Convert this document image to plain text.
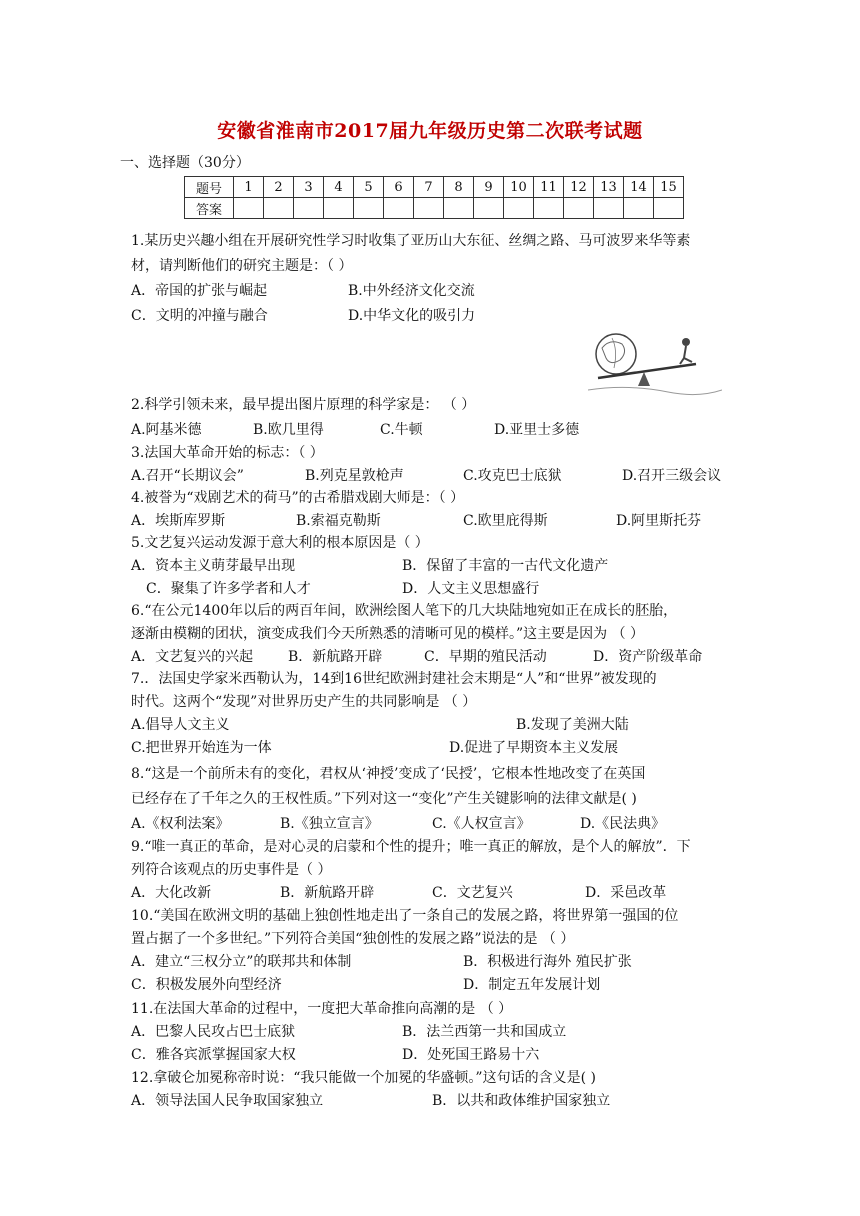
安徽省淮南市2017届九年级历史第二次联考试题
一、选择题（30分）
题号	1	2	3	4	5	6	7	8	9	10	11	12	13	14	15
答案															
1.某历史兴趣小组在开展研究性学习时收集了亚历山大东征、丝绸之路、马可波罗来华等素
材，请判断他们的研究主题是：（ ）
A．帝国的扩张与崛起	B.中外经济文化交流
C．文明的冲撞与融合	D.中华文化的吸引力
2.科学引领未来，最早提出图片原理的科学家是： （ ）
A.阿基米德	B.欧几里得	C.牛顿	D.亚里士多德
3.法国大革命开始的标志：（ ）
A.召开“长期议会”	B.列克星敦枪声	C.攻克巴士底狱	D.召开三级会议
4.被誉为“戏剧艺术的荷马”的古希腊戏剧大师是：（ ）
A．埃斯库罗斯	B.索福克勒斯	C.欧里庇得斯	D.阿里斯托芬
5.文艺复兴运动发源于意大利的根本原因是（ ）
A．资本主义萌芽最早出现	B．保留了丰富的一古代文化遗产
C．聚集了许多学者和人才	D．人文主义思想盛行
6.“在公元1400年以后的两百年间，欧洲绘图人笔下的几大块陆地宛如正在成长的胚胎，
逐渐由模糊的团状，演变成我们今天所熟悉的清晰可见的模样。”这主要是因为 （ ）
A．文艺复兴的兴起 B．新航路开辟	C．早期的殖民活动	D．资产阶级革命
7.．法国史学家米西勒认为，14到16世纪欧洲封建社会末期是“人”和“世界”被发现的
时代。这两个“发现”对世界历史产生的共同影响是 （ ）
A.倡导人文主义	B.发现了美洲大陆
C.把世界开始连为一体	D.促进了早期资本主义发展
8.“这是一个前所未有的变化，君权从‘神授’变成了‘民授’，它根本性地改变了在英国
已经存在了千年之久的王权性质。”下列对这一“变化”产生关键影响的法律文献是( )
A.《权利法案》	B.《独立宣言》	C.《人权宣言》	D.《民法典》
9.“唯一真正的革命，是对心灵的启蒙和个性的提升；唯一真正的解放，是个人的解放”．下
列符合该观点的历史事件是（ ）
A．大化改新	B．新航路开辟	C．文艺复兴	D．采邑改革
10.“美国在欧洲文明的基础上独创性地走出了一条自己的发展之路，将世界第一强国的位
置占据了一个多世纪。”下列符合美国“独创性的发展之路”说法的是 （ ）
A．建立“三权分立”的联邦共和体制	B．积极进行海外 殖民扩张
C．积极发展外向型经济	D．制定五年发展计划
11.在法国大革命的过程中，一度把大革命推向高潮的是 （ ）
A．巴黎人民攻占巴士底狱	B．法兰西第一共和国成立
C．雅各宾派掌握国家大权	D．处死国王路易十六
12.拿破仑加冕称帝时说：“我只能做一个加冕的华盛顿。”这句话的含义是( )
A．领导法国人民争取国家独立	B．以共和政体维护国家独立
